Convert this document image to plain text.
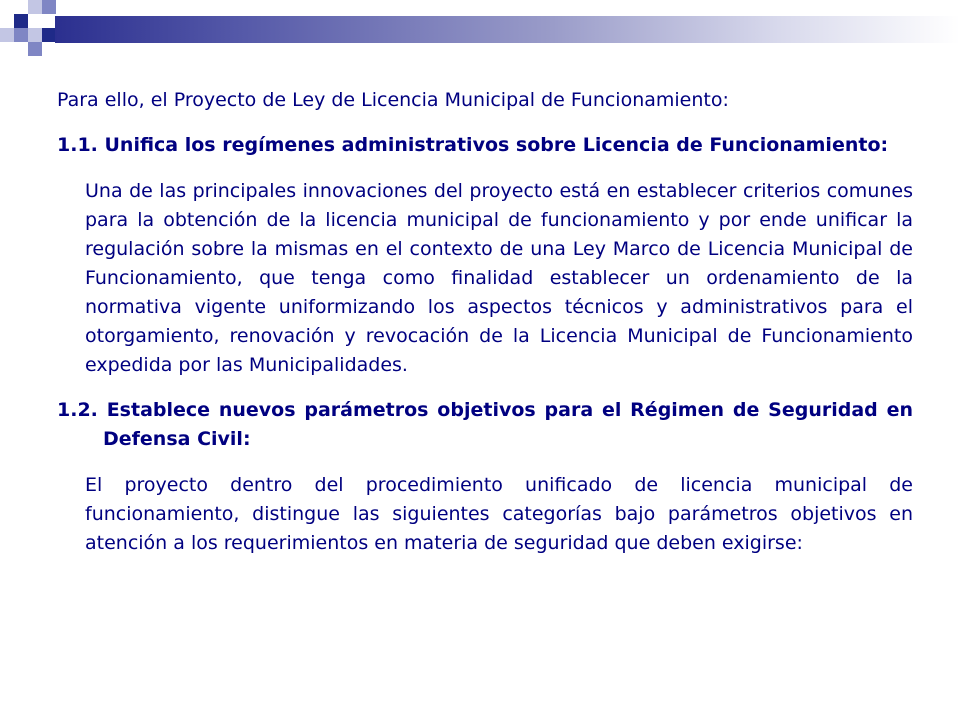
Para ello, el Proyecto de Ley de Licencia Municipal de Funcionamiento:

1.1. Unifica los regímenes administrativos sobre Licencia de Funcionamiento:

Una de las principales innovaciones del proyecto está en establecer criterios comunes para la obtención de la licencia municipal de funcionamiento y por ende unificar la regulación sobre la mismas en el contexto de una Ley Marco de Licencia Municipal de Funcionamiento, que tenga como finalidad establecer un ordenamiento de la normativa vigente uniformizando los aspectos técnicos y administrativos para el otorgamiento, renovación y revocación de la Licencia Municipal de Funcionamiento expedida por las Municipalidades.

1.2. Establece nuevos parámetros objetivos para el Régimen de Seguridad en Defensa Civil:

El proyecto dentro del procedimiento unificado de licencia municipal de funcionamiento, distingue las siguientes categorías bajo parámetros objetivos en atención a los requerimientos en materia de seguridad que deben exigirse:
